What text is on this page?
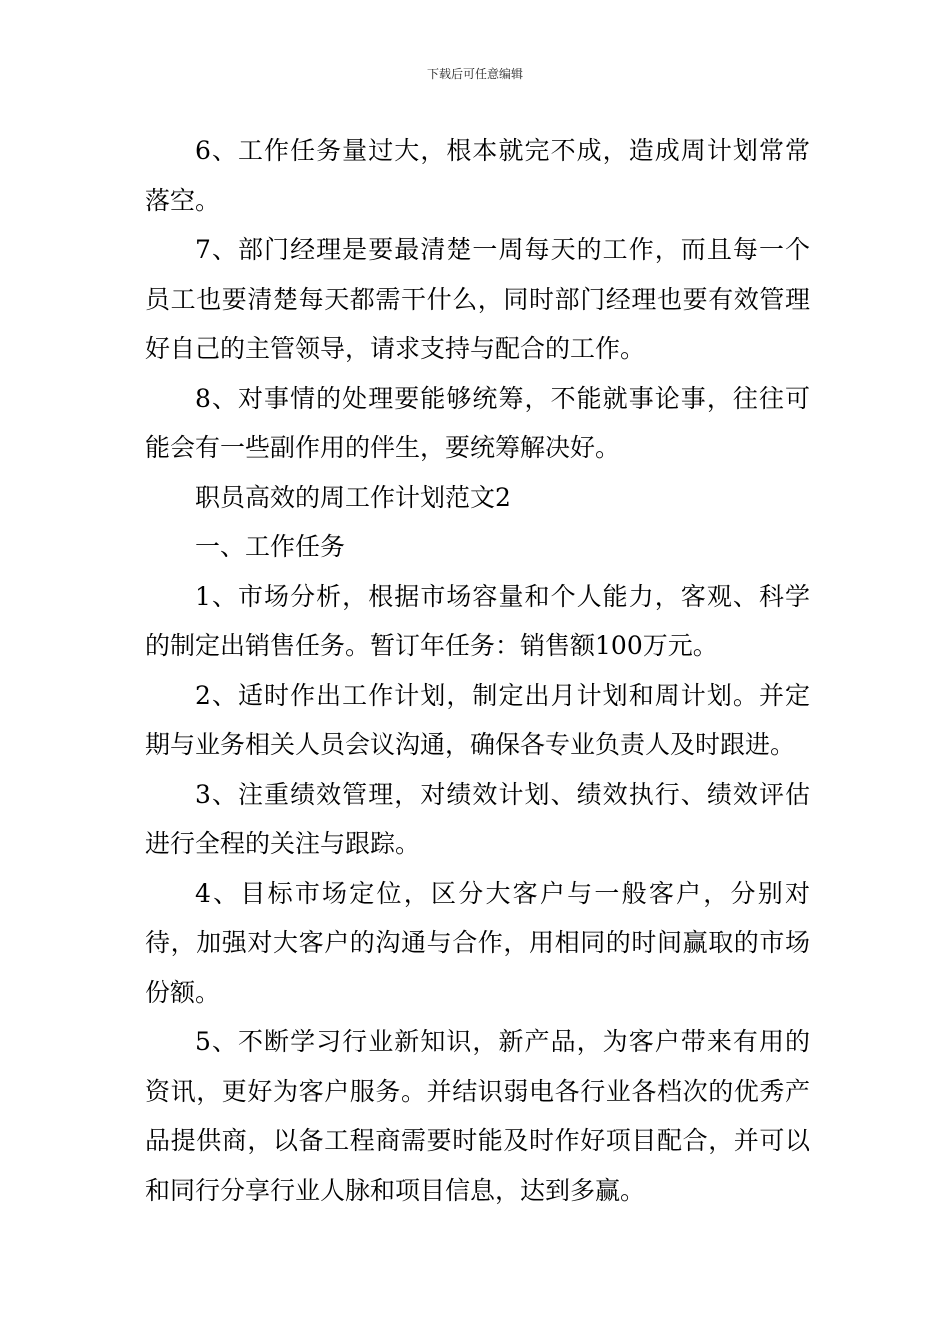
下载后可任意编辑

6、工作任务量过大，根本就完不成，造成周计划常常落空。

7、部门经理是要最清楚一周每天的工作，而且每一个员工也要清楚每天都需干什么，同时部门经理也要有效管理好自己的主管领导，请求支持与配合的工作。

8、对事情的处理要能够统筹，不能就事论事，往往可能会有一些副作用的伴生，要统筹解决好。

职员高效的周工作计划范文2

一、工作任务

1、市场分析，根据市场容量和个人能力，客观、科学的制定出销售任务。暂订年任务：销售额100万元。

2、适时作出工作计划，制定出月计划和周计划。并定期与业务相关人员会议沟通，确保各专业负责人及时跟进。

3、注重绩效管理，对绩效计划、绩效执行、绩效评估进行全程的关注与跟踪。

4、目标市场定位，区分大客户与一般客户，分别对待，加强对大客户的沟通与合作，用相同的时间赢取的市场份额。

5、不断学习行业新知识，新产品，为客户带来有用的资讯，更好为客户服务。并结识弱电各行业各档次的优秀产品提供商，以备工程商需要时能及时作好项目配合，并可以和同行分享行业人脉和项目信息，达到多赢。
